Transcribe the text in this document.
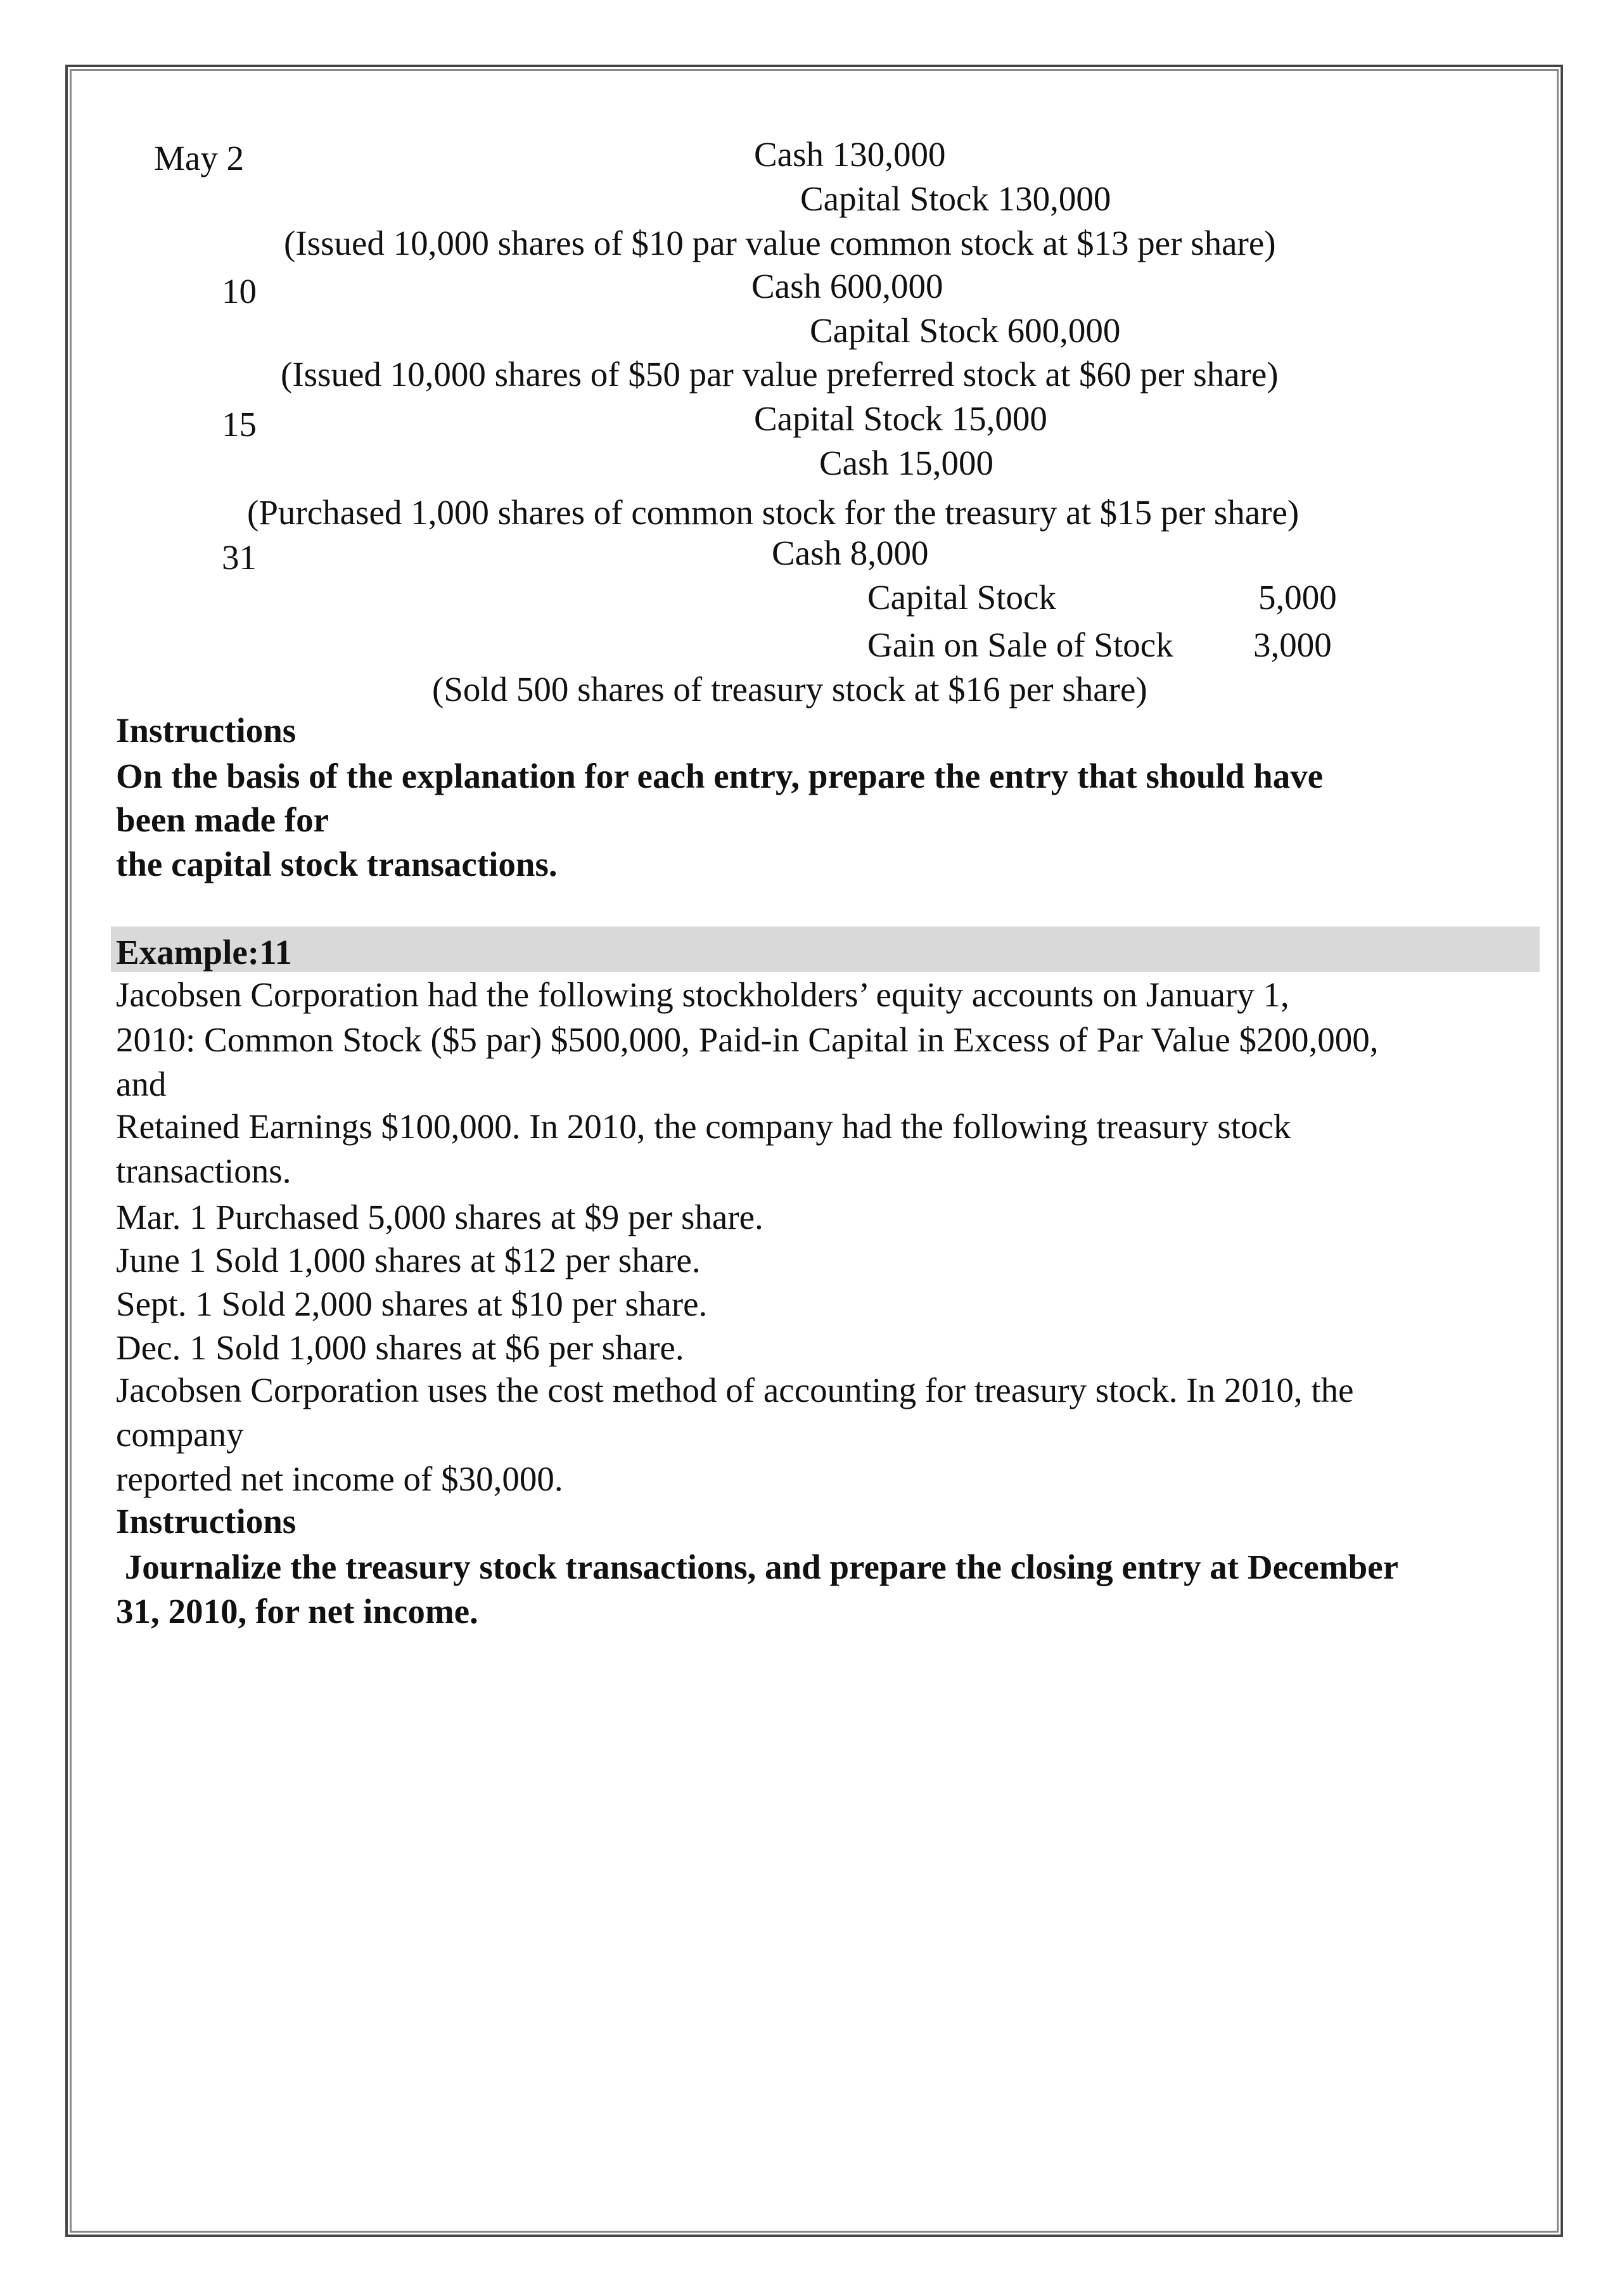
May 2	Cash 130,000
Capital Stock 130,000
(Issued 10,000 shares of $10 par value common stock at $13 per share)
10	Cash 600,000
Capital Stock 600,000
(Issued 10,000 shares of $50 par value preferred stock at $60 per share)
15	Capital Stock 15,000
Cash 15,000
(Purchased 1,000 shares of common stock for the treasury at $15 per share)
31	Cash 8,000
Capital Stock	5,000
Gain on Sale of Stock 3,000
(Sold 500 shares of treasury stock at $16 per share)
Instructions
On the basis of the explanation for each entry, prepare the entry that should have
been made for
the capital stock transactions.
Example:11
Jacobsen Corporation had the following stockholders’ equity accounts on January 1,
2010: Common Stock ($5 par) $500,000, Paid-in Capital in Excess of Par Value $200,000,
and
Retained Earnings $100,000. In 2010, the company had the following treasury stock
transactions.
Mar. 1 Purchased 5,000 shares at $9 per share.
June 1 Sold 1,000 shares at $12 per share.
Sept. 1 Sold 2,000 shares at $10 per share.
Dec. 1 Sold 1,000 shares at $6 per share.
Jacobsen Corporation uses the cost method of accounting for treasury stock. In 2010, the
company
reported net income of $30,000.
Instructions
Journalize the treasury stock transactions, and prepare the closing entry at December
31, 2010, for net income.
